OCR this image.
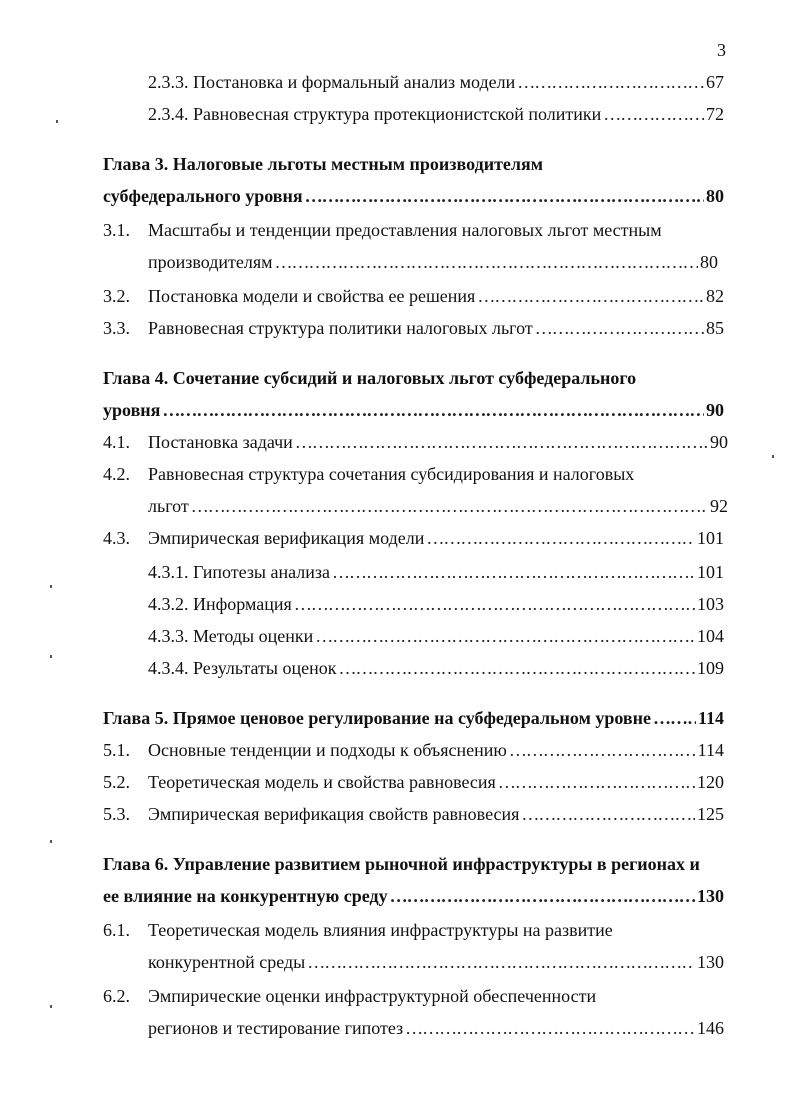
3
2.3.3. Постановка и формальный анализ модели …………………………………………………………………………………………………………………………………………	67
2.3.4. Равновесная структура протекционистской политики …………………………………………………………………………………………………………………………………………	72
Глава 3. Налоговые льготы местным производителям
субфедерального уровня …………………………………………………………………………………………………………………………………………	80
3.1. Масштабы и тенденции предоставления налоговых льгот местным
производителям …………………………………………………………………………………………………………………………………………	80
3.2. Постановка модели и свойства ее решения …………………………………………………………………………………………………………………………………………	82
3.3. Равновесная структура политики налоговых льгот …………………………………………………………………………………………………………………………………………	85
Глава 4. Сочетание субсидий и налоговых льгот субфедерального
уровня …………………………………………………………………………………………………………………………………………	90
4.1. Постановка задачи …………………………………………………………………………………………………………………………………………	90
4.2. Равновесная структура сочетания субсидирования и налоговых
льгот …………………………………………………………………………………………………………………………………………	92
4.3. Эмпирическая верификация модели …………………………………………………………………………………………………………………………………………	101
4.3.1. Гипотезы анализа …………………………………………………………………………………………………………………………………………	101
4.3.2. Информация …………………………………………………………………………………………………………………………………………	103
4.3.3. Методы оценки …………………………………………………………………………………………………………………………………………	104
4.3.4. Результаты оценок …………………………………………………………………………………………………………………………………………	109
Глава 5. Прямое ценовое регулирование на субфедеральном уровне …………………………………………………………………………………………………………………………………………	114
5.1. Основные тенденции и подходы к объяснению …………………………………………………………………………………………………………………………………………	114
5.2. Теоретическая модель и свойства равновесия …………………………………………………………………………………………………………………………………………	120
5.3. Эмпирическая верификация свойств равновесия …………………………………………………………………………………………………………………………………………	125
Глава 6. Управление развитием рыночной инфраструктуры в регионах и
ее влияние на конкурентную среду …………………………………………………………………………………………………………………………………………	130
6.1. Теоретическая модель влияния инфраструктуры на развитие
конкурентной среды …………………………………………………………………………………………………………………………………………	130
6.2. Эмпирические оценки инфраструктурной обеспеченности
регионов и тестирование гипотез …………………………………………………………………………………………………………………………………………	146
